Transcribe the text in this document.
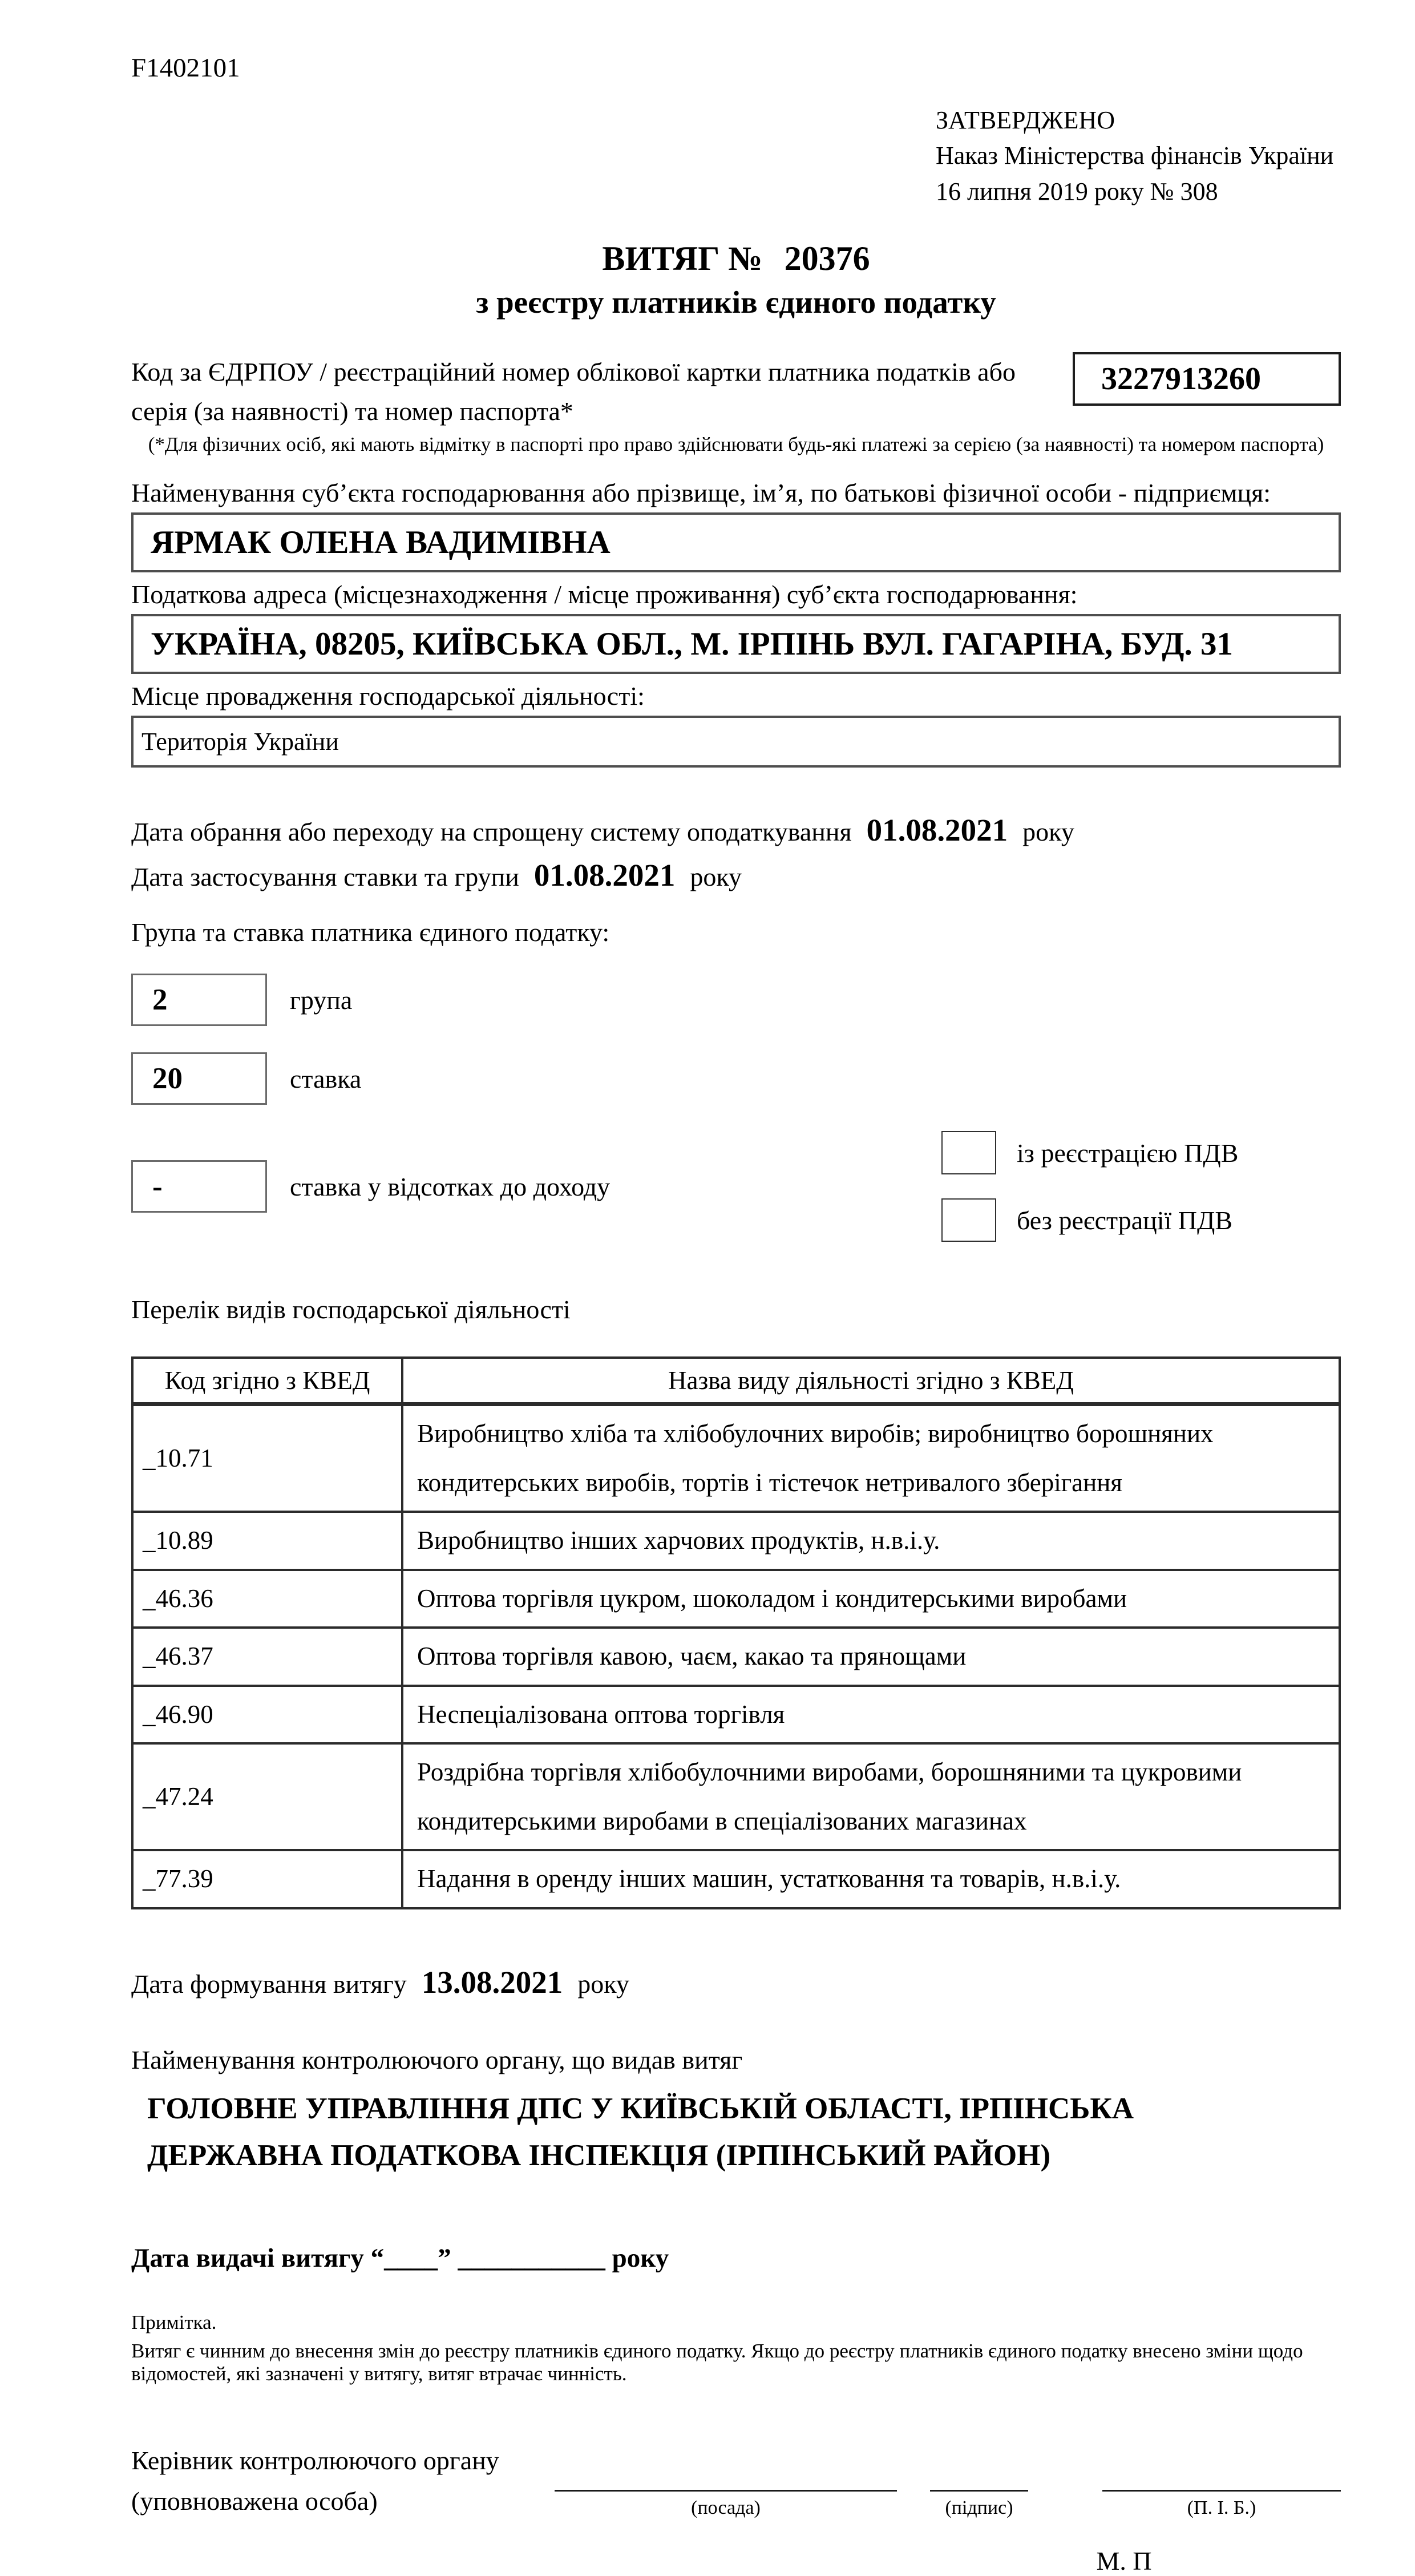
F1402101
ЗАТВЕРДЖЕНО
Наказ Міністерства фінансів України
16 липня 2019 року № 308
ВИТЯГ № 20376
з реєстру платників єдиного податку
Код за ЄДРПОУ / реєстраційний номер облікової картки платника податків або серія (за наявності) та номер паспорта*
3227913260
(*Для фізичних осіб, які мають відмітку в паспорті про право здійснювати будь-які платежі за серією (за наявності) та номером паспорта)
Найменування суб’єкта господарювання або прізвище, ім’я, по батькові фізичної особи - підприємця:
ЯРМАК ОЛЕНА ВАДИМІВНА
Податкова адреса (місцезнаходження / місце проживання) суб’єкта господарювання:
УКРАЇНА, 08205, КИЇВСЬКА ОБЛ., М. ІРПІНЬ ВУЛ. ГАГАРІНА, БУД. 31
Місце провадження господарської діяльності:
Територія України
Дата обрання або переходу на спрощену систему оподаткування 01.08.2021 року
Дата застосування ставки та групи 01.08.2021 року
Група та ставка платника єдиного податку:
2	група
20	ставка
-	ставка у відсотках до доходу
із реєстрацією ПДВ
без реєстрації ПДВ
Перелік видів господарської діяльності
Код згідно з КВЕД	Назва виду діяльності згідно з КВЕД
_10.71	Виробництво хліба та хлібобулочних виробів; виробництво борошняних кондитерських виробів, тортів і тістечок нетривалого зберігання
_10.89	Виробництво інших харчових продуктів, н.в.і.у.
_46.36	Оптова торгівля цукром, шоколадом і кондитерськими виробами
_46.37	Оптова торгівля кавою, чаєм, какао та прянощами
_46.90	Неспеціалізована оптова торгівля
_47.24	Роздрібна торгівля хлібобулочними виробами, борошняними та цукровими кондитерськими виробами в спеціалізованих магазинах
_77.39	Надання в оренду інших машин, устатковання та товарів, н.в.і.у.
Дата формування витягу 13.08.2021 року
Найменування контролюючого органу, що видав витяг
ГОЛОВНЕ УПРАВЛІННЯ ДПС У КИЇВСЬКІЙ ОБЛАСТІ, ІРПІНСЬКА ДЕРЖАВНА ПОДАТКОВА ІНСПЕКЦІЯ (ІРПІНСЬКИЙ РАЙОН)
Дата видачі витягу “____” ___________ року
Примітка.
Витяг є чинним до внесення змін до реєстру платників єдиного податку. Якщо до реєстру платників єдиного податку внесено зміни щодо відомостей, які зазначені у витягу, витяг втрачає чинність.
Керівник контролюючого органу
(уповноважена особа)	(посада)	(підпис)	(П. І. Б.)
М. П
